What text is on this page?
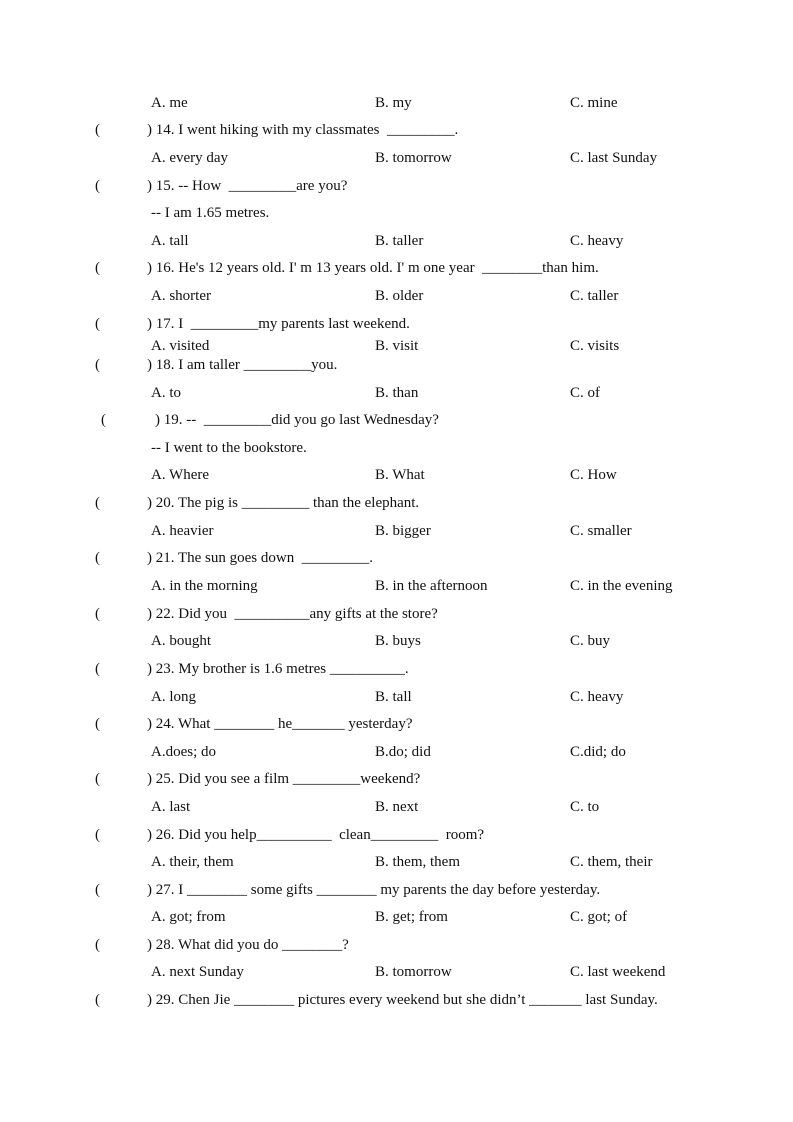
A. me	B. my	C. mine
(	) 14. I went hiking with my classmates  _________.
A. every day	B. tomorrow	C. last Sunday
(	) 15. -- How  _________are you?
-- I am 1.65 metres.
A. tall	B. taller	C. heavy
(	) 16. He's 12 years old. I' m 13 years old. I' m one year  ________than him.
A. shorter	B. older	C. taller
(	) 17. I  _________my parents last weekend.
A. visited	B. visit	C. visits
(	) 18. I am taller _________you.
A. to	B. than	C. of
(	) 19. --  _________did you go last Wednesday?
-- I went to the bookstore.
A. Where	B. What	C. How
(	) 20. The pig is _________ than the elephant.
A. heavier	B. bigger	C. smaller
(	) 21. The sun goes down  _________.
A. in the morning	B. in the afternoon	C. in the evening
(	) 22. Did you  __________any gifts at the store?
A. bought	B. buys	C. buy
(	) 23. My brother is 1.6 metres __________.
A. long	B. tall	C. heavy
(	) 24. What ________ he_______ yesterday?
A.does; do	B.do; did	C.did; do
(	) 25. Did you see a film _________weekend?
A. last	B. next	C. to
(	) 26. Did you help__________  clean_________  room?
A. their, them	B. them, them	C. them, their
(	) 27. I ________ some gifts ________ my parents the day before yesterday.
A. got; from	B. get; from	C. got; of
(	) 28. What did you do ________?
A. next Sunday	B. tomorrow	C. last weekend
(	) 29. Chen Jie ________ pictures every weekend but she didn’t _______ last Sunday.
